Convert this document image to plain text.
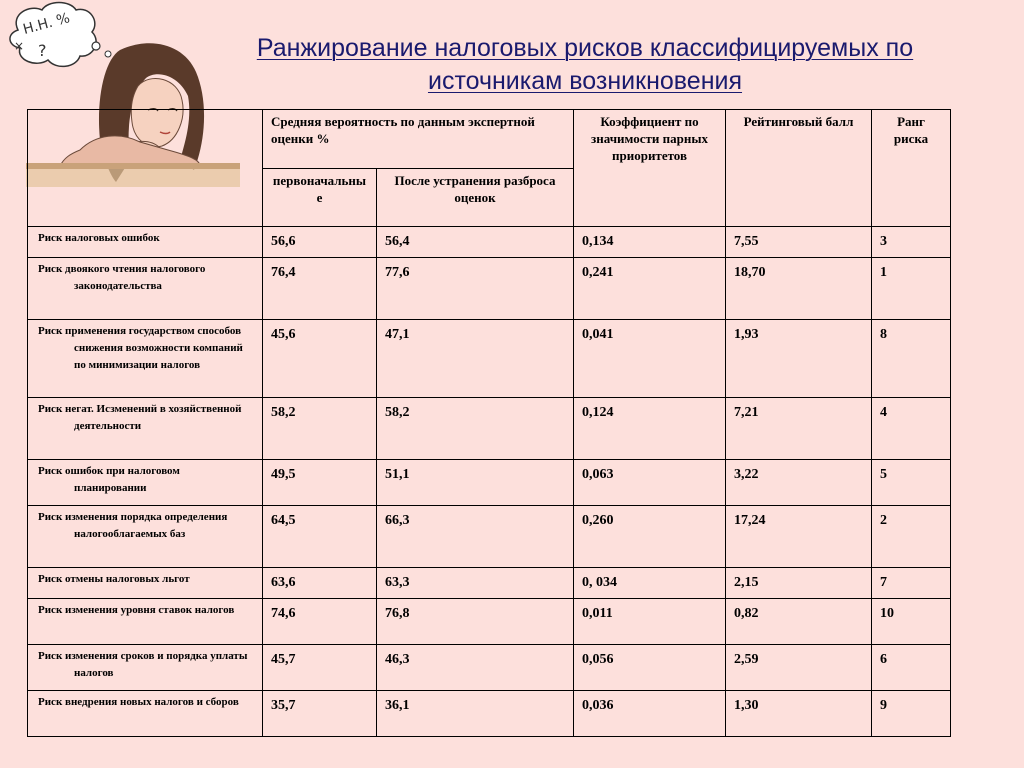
Н.Н. %
?
×	Ранжирование налоговых рисков классифицируемых по
источникам возникновения
	Средняя вероятность по данным экспертной оценки %		Коэффициент по значимости парных приоритетов	Рейтинговый балл	Ранг риска
	первоначальные	После устранения разброса оценок			

Риск налоговых ошибок	56,6	56,4	0,134	7,55	3

Риск двоякого чтения налогового законодательства	76,4	77,6	0,241	18,70	1

Риск применения государством способов снижения возможности компаний по минимизации налогов	45,6	47,1	0,041	1,93	8

Риск негат. Исзменений в хозяйственной деятельности	58,2	58,2	0,124	7,21	4

Риск ошибок при налоговом планировании	49,5	51,1	0,063	3,22	5

Риск изменения порядка определения налогооблагаемых баз	64,5	66,3	0,260	17,24	2

Риск отмены налоговых льгот	63,6	63,3	0, 034	2,15	7

Риск изменения уровня ставок налогов	74,6	76,8	0,011	0,82	10

Риск изменения сроков и порядка уплаты налогов	45,7	46,3	0,056	2,59	6

Риск внедрения новых налогов и сборов	35,7	36,1	0,036	1,30	9
